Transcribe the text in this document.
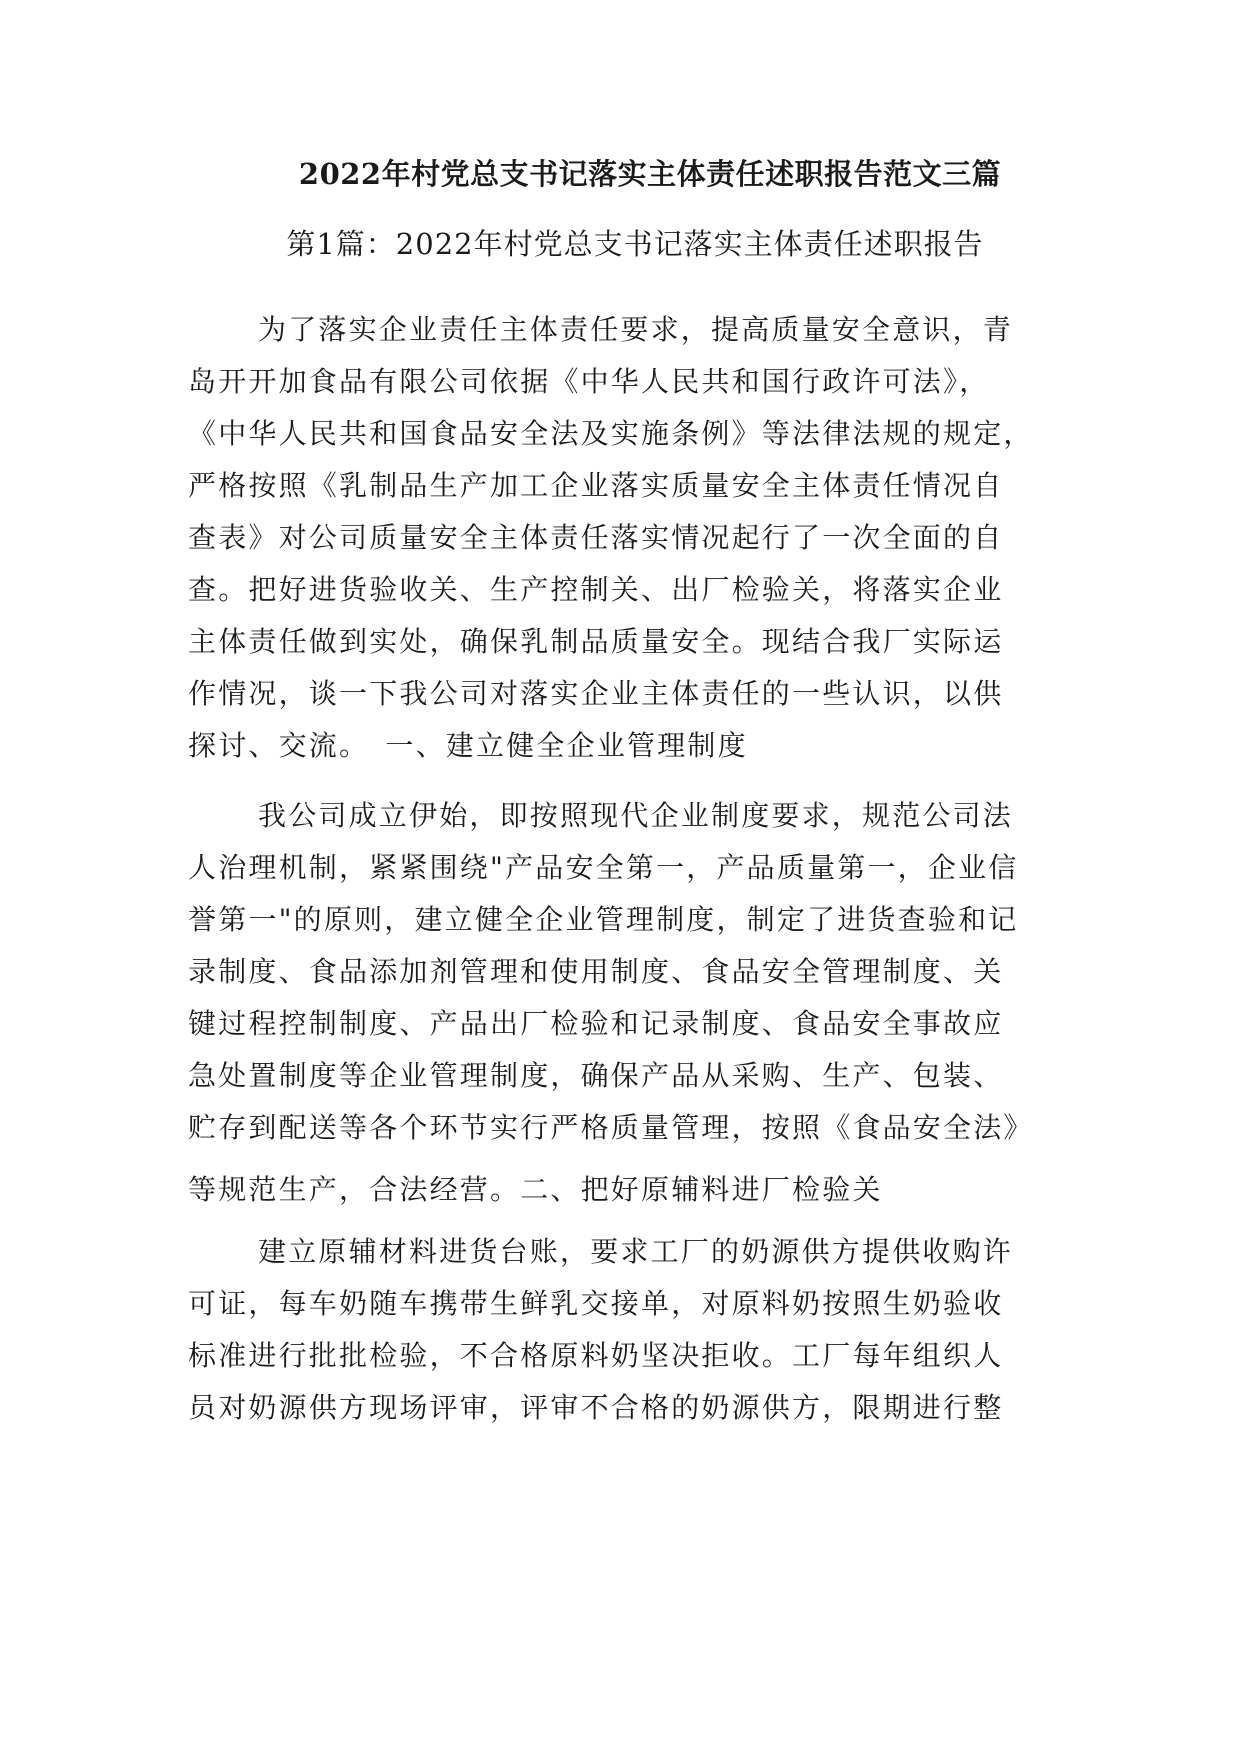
2022年村党总支书记落实主体责任述职报告范文三篇
第1篇：2022年村党总支书记落实主体责任述职报告
为了落实企业责任主体责任要求，提高质量安全意识，青
岛开开加食品有限公司依据《中华人民共和国行政许可法》，
《中华人民共和国食品安全法及实施条例》等法律法规的规定，
严格按照《乳制品生产加工企业落实质量安全主体责任情况自
查表》对公司质量安全主体责任落实情况起行了一次全面的自
查。把好进货验收关、生产控制关、出厂检验关，将落实企业
主体责任做到实处，确保乳制品质量安全。现结合我厂实际运
作情况，谈一下我公司对落实企业主体责任的一些认识，以供
探讨、交流。　一、建立健全企业管理制度
我公司成立伊始，即按照现代企业制度要求，规范公司法
人治理机制，紧紧围绕"产品安全第一，产品质量第一，企业信
誉第一"的原则，建立健全企业管理制度，制定了进货查验和记
录制度、食品添加剂管理和使用制度、食品安全管理制度、关
键过程控制制度、产品出厂检验和记录制度、食品安全事故应
急处置制度等企业管理制度，确保产品从采购、生产、包装、
贮存到配送等各个环节实行严格质量管理，按照《食品安全法》
等规范生产，合法经营。二、把好原辅料进厂检验关
建立原辅材料进货台账，要求工厂的奶源供方提供收购许
可证，每车奶随车携带生鲜乳交接单，对原料奶按照生奶验收
标准进行批批检验，不合格原料奶坚决拒收。工厂每年组织人
员对奶源供方现场评审，评审不合格的奶源供方，限期进行整
